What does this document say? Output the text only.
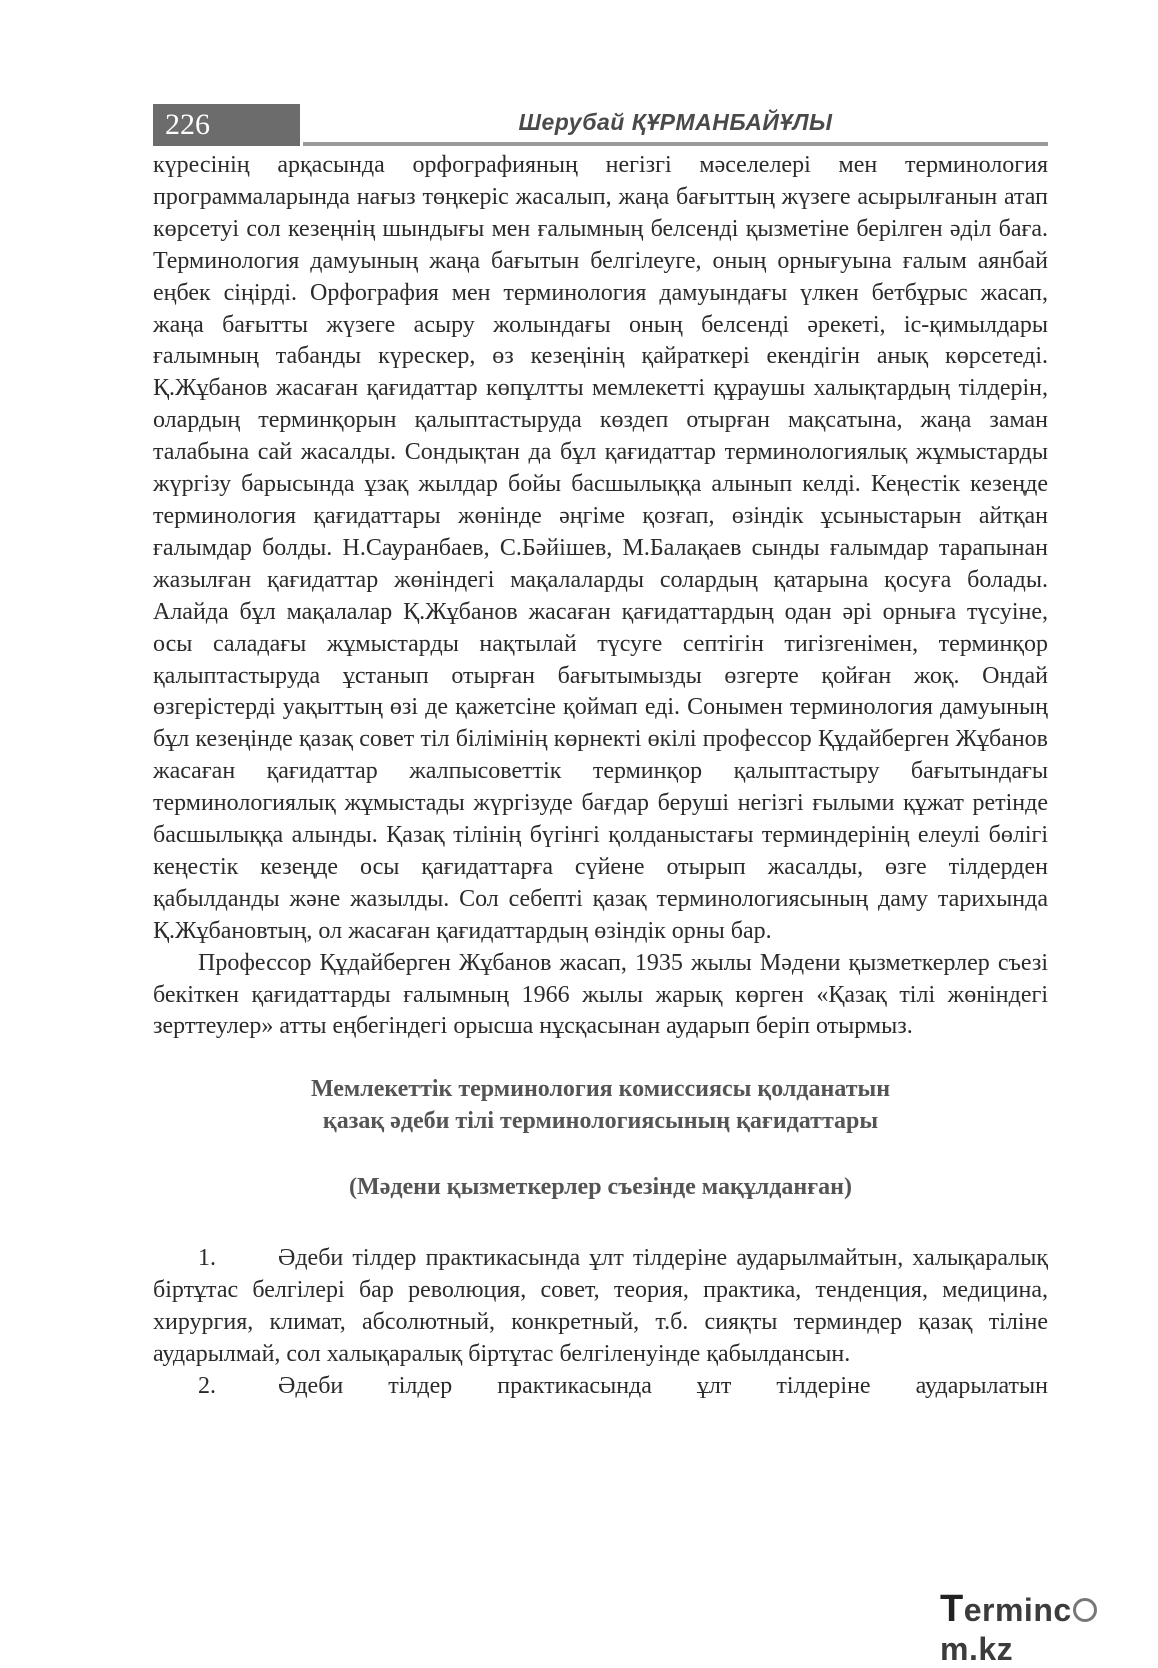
226	Шерубай ҚҰРМАНБАЙҰЛЫ

күресінің арқасында орфографияның негізгі мәселелері мен терминология программаларында нағыз төңкеріс жасалып, жаңа бағыттың жүзеге асырылғанын атап көрсетуі сол кезеңнің шындығы мен ғалымның белсенді қызметіне берілген әділ баға. Терминология дамуының жаңа бағытын белгілеуге, оның орнығуына ғалым аянбай еңбек сіңірді. Орфография мен терминология дамуындағы үлкен бетбұрыс жасап, жаңа бағытты жүзеге асыру жолындағы оның белсенді әрекеті, іс-қимылдары ғалымның табанды күрескер, өз кезеңінің қайраткері екендігін анық көрсетеді. Қ.Жұбанов жасаған қағидаттар көпұлтты мемлекетті құраушы халықтардың тілдерін, олардың терминқорын қалыптастыруда көздеп отырған мақсатына, жаңа заман талабына сай жасалды. Сондықтан да бұл қағидаттар терминологиялық жұмыстарды жүргізу барысында ұзақ жылдар бойы басшылыққа алынып келді. Кеңестік кезеңде терминология қағидаттары жөнінде әңгіме қозғап, өзіндік ұсыныстарын айтқан ғалымдар болды. Н.Сауранбаев, С.Бәйішев, М.Балақаев сынды ғалымдар тарапынан жазылған қағидаттар жөніндегі мақалаларды солардың қатарына қосуға болады. Алайда бұл мақалалар Қ.Жұбанов жасаған қағидаттардың одан әрі орнығa түсуіне, осы саладағы жұмыстарды нақтылай түсуге септігін тигізгенімен, терминқор қалыптастыруда ұстанып отырған бағытымызды өзгерте қойған жоқ. Ондай өзгерістерді уақыттың өзі де қажетсіне қоймап еді. Сонымен терминология дамуының бұл кезеңінде қазақ совет тіл білімінің көрнекті өкілі профессор Құдайберген Жұбанов жасаған қағидаттар жалпысоветтік терминқор қалыптастыру бағытындағы терминологиялық жұмыстады жүргізуде бағдар беруші негізгі ғылыми құжат ретінде басшылыққа алынды. Қазақ тілінің бүгінгі қолданыстағы терминдерінің елеулі бөлігі кеңестік кезеңде осы қағидаттарға сүйене отырып жасалды, өзге тілдерден қабылданды және жазылды. Сол себепті қазақ терминологиясының даму тарихында Қ.Жұбановтың, ол жасаған қағидаттардың өзіндік орны бар.

Профессор Құдайберген Жұбанов жасап, 1935 жылы Мәдени қызметкерлер съезі бекіткен қағидаттарды ғалымның 1966 жылы жарық көрген «Қазақ тілі жөніндегі зерттеулер» атты еңбегіндегі орысша нұсқасынан аударып беріп отырмыз.

Мемлекеттік терминология комиссиясы қолданатын
қазақ әдеби тілі терминологиясының қағидаттары

(Мәдени қызметкерлер съезінде мақұлданған)

1.	Әдеби тілдер практикасында ұлт тілдеріне аударылмайтын, халықаралық біртұтас белгілері бар революция, совет, теория, практика, тенденция, медицина, хирургия, климат, абсолютный, конкретный, т.б. сияқты терминдер қазақ тіліне аударылмай, сол халықаралық біртұтас белгіленуінде қабылдансын.

2.	Әдеби тілдер практикасында ұлт тілдеріне аударылатын

Termincm.kz
